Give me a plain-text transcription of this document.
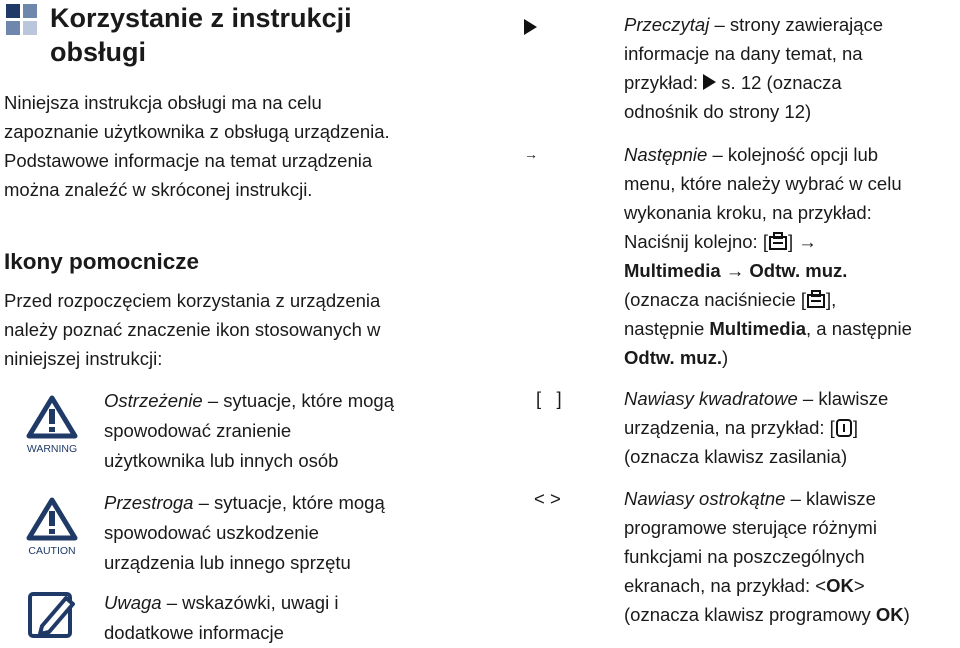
Korzystanie z instrukcji
obsługi
Niniejsza instrukcja obsługi ma na celu
zapoznanie użytkownika z obsługą urządzenia.
Podstawowe informacje na temat urządzenia
można znaleźć w skróconej instrukcji.
Ikony pomocnicze
Przed rozpoczęciem korzystania z urządzenia
należy poznać znaczenie ikon stosowanych w
niniejszej instrukcji:
WARNING
Ostrzeżenie – sytuacje, które mogą
spowodować zranienie
użytkownika lub innych osób
CAUTION
Przestroga – sytuacje, które mogą
spowodować uszkodzenie
urządzenia lub innego sprzętu
Uwaga – wskazówki, uwagi i
dodatkowe informacje
Przeczytaj – strony zawierające
informacje na dany temat, na
przykład:  s. 12 (oznacza
odnośnik do strony 12)
→	Następnie – kolejność opcji lub
menu, które należy wybrać w celu
wykonania kroku, na przykład:
Naciśnij kolejno: [ ] →
Multimedia → Odtw. muz.
(oznacza naciśniecie [ ],
następnie Multimedia, a następnie
Odtw. muz.)
[   ]	Nawiasy kwadratowe – klawisze
urządzenia, na przykład: [ ]
(oznacza klawisz zasilania)
< >	Nawiasy ostrokątne – klawisze
programowe sterujące różnymi
funkcjami na poszczególnych
ekranach, na przykład: <OK>
(oznacza klawisz programowy OK)
